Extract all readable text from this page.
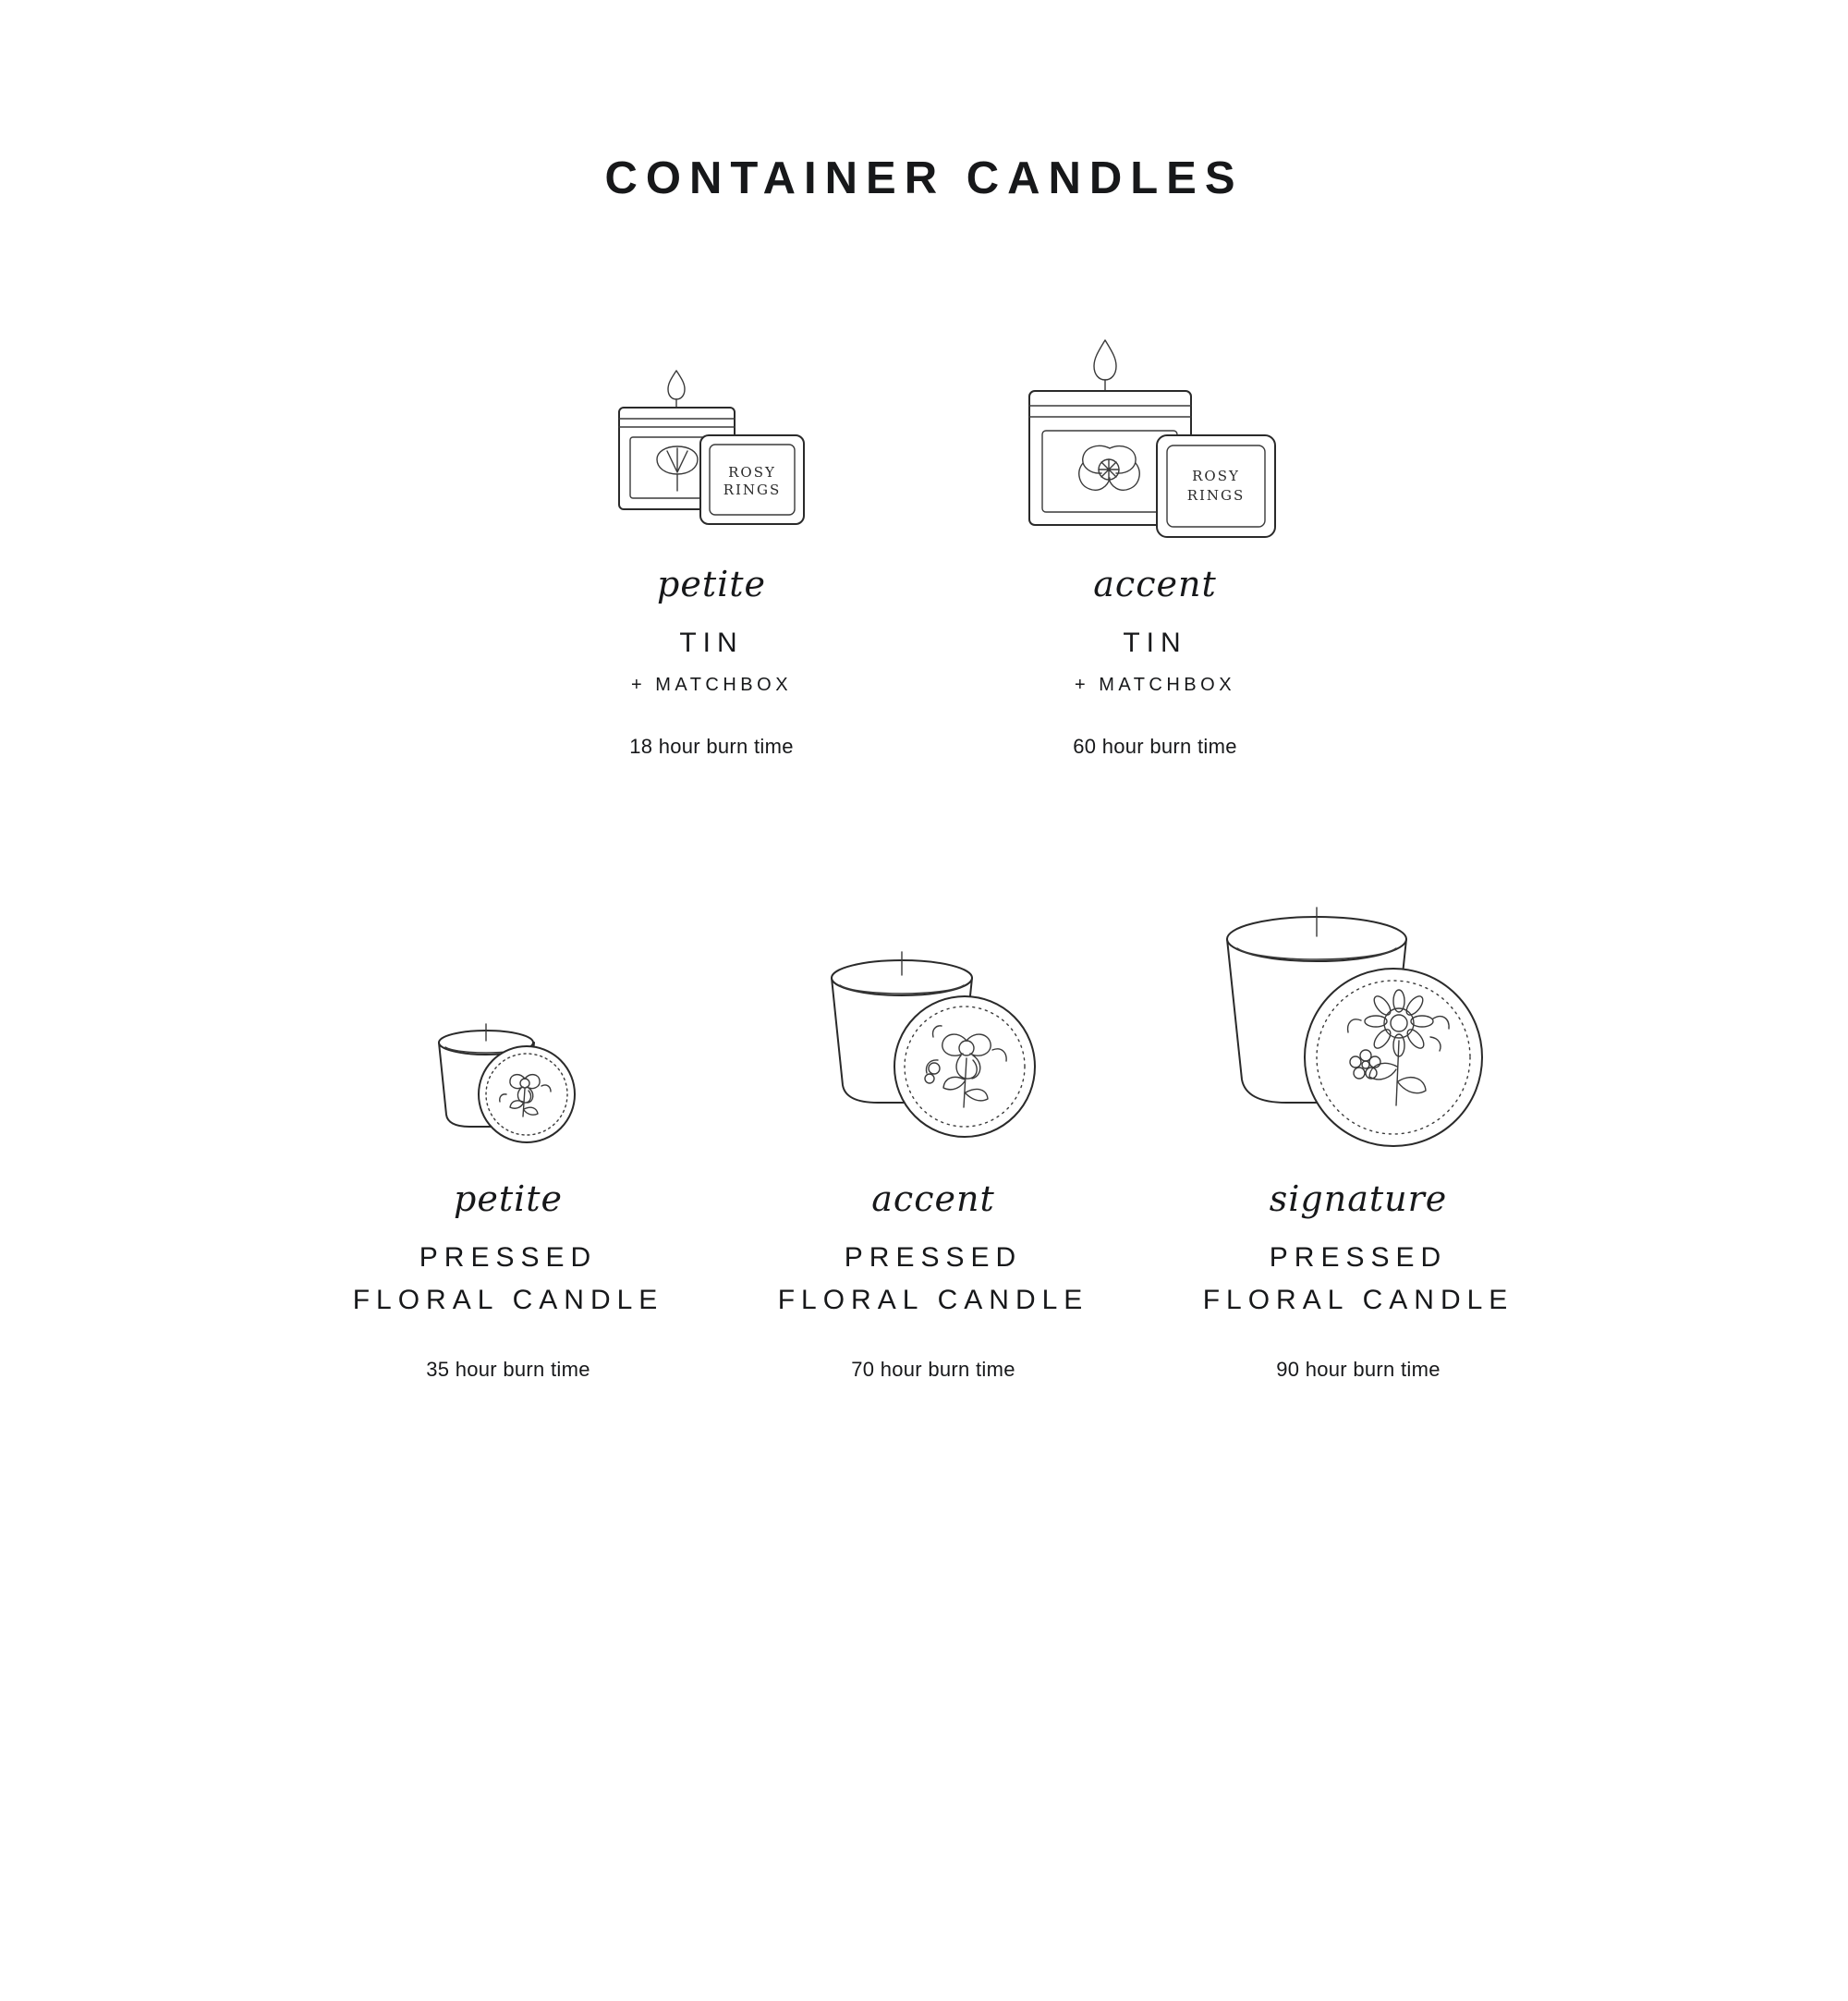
CONTAINER CANDLES
ROSY
RINGS
petite
TIN
+ MATCHBOX
18 hour burn time
ROSY
RINGS
accent
TIN
+ MATCHBOX
60 hour burn time
petite
PRESSED FLORAL CANDLE
35 hour burn time
accent
PRESSED FLORAL CANDLE
70 hour burn time
signature
PRESSED FLORAL CANDLE
90 hour burn time
